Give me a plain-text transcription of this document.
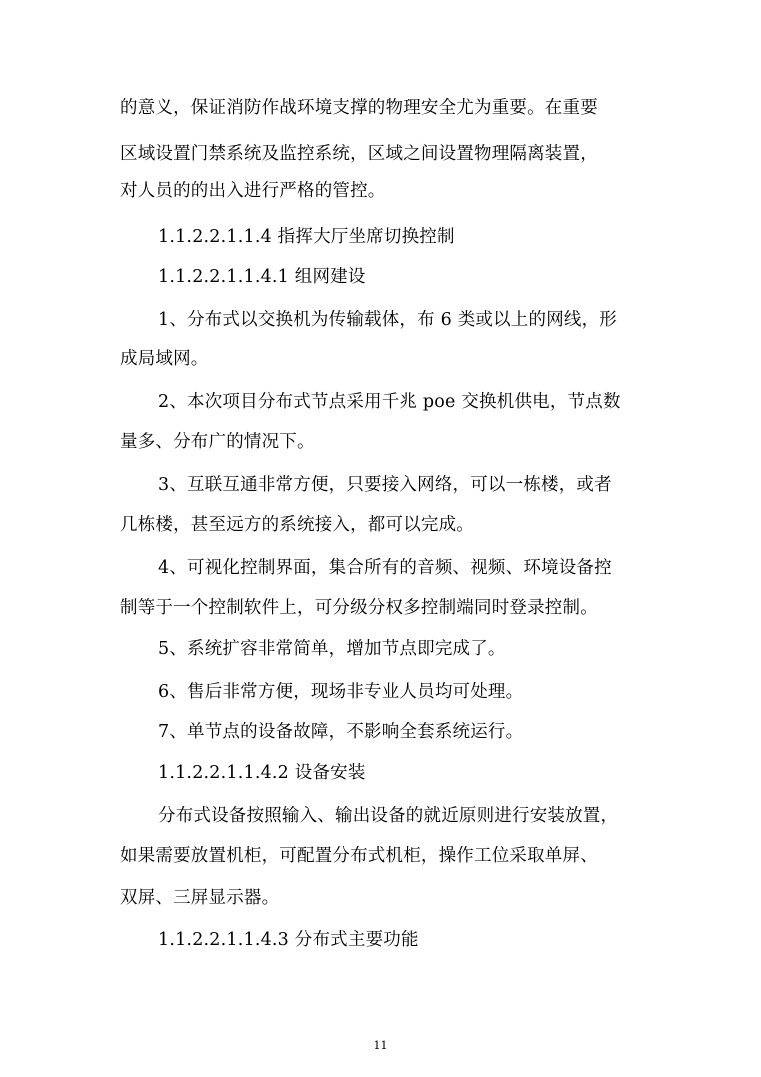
的意义，保证消防作战环境支撑的物理安全尤为重要。在重要
区域设置门禁系统及监控系统，区域之间设置物理隔离装置，
对人员的的出入进行严格的管控。
1.1.2.2.1.1.4 指挥大厅坐席切换控制
1.1.2.2.1.1.4.1 组网建设
1、分布式以交换机为传输载体，布 6 类或以上的网线，形
成局域网。
2、本次项目分布式节点采用千兆 poe 交换机供电，节点数
量多、分布广的情况下。
3、互联互通非常方便，只要接入网络，可以一栋楼，或者
几栋楼，甚至远方的系统接入，都可以完成。
4、可视化控制界面，集合所有的音频、视频、环境设备控
制等于一个控制软件上，可分级分权多控制端同时登录控制。
5、系统扩容非常简单，增加节点即完成了。
6、售后非常方便，现场非专业人员均可处理。
7、单节点的设备故障，不影响全套系统运行。
1.1.2.2.1.1.4.2 设备安装
分布式设备按照输入、输出设备的就近原则进行安装放置，
如果需要放置机柜，可配置分布式机柜，操作工位采取单屏、
双屏、三屏显示器。
1.1.2.2.1.1.4.3 分布式主要功能
11
